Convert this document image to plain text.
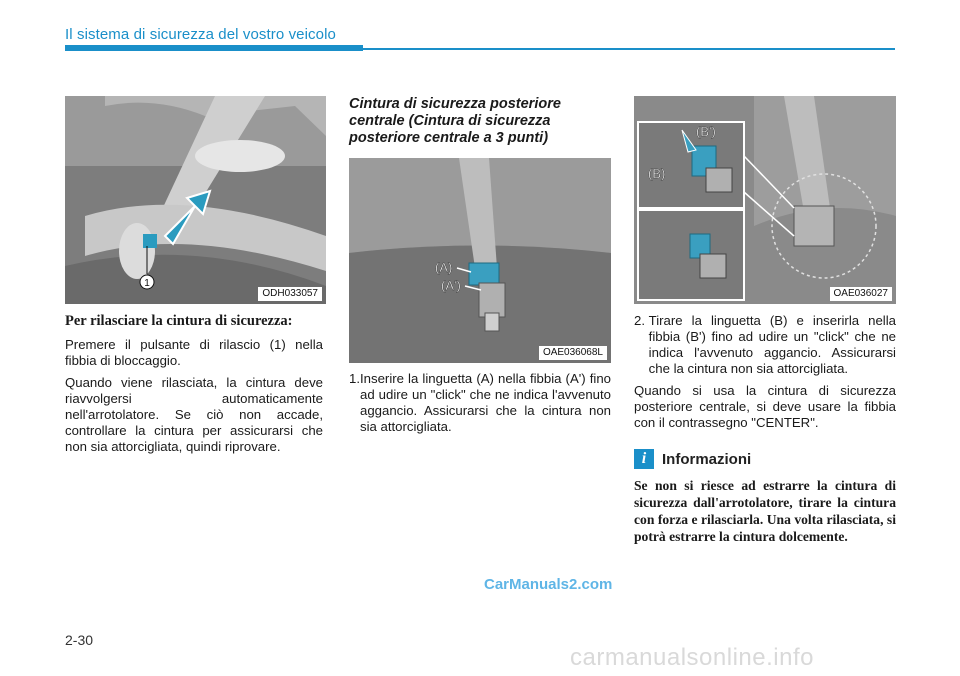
Il sistema di sicurezza del vostro veicolo
1
ODH033057
(A)
(A')
OAE036068L
(B')
(B)
OAE036027

Per rilasciare la cintura di sicurezza:

Premere il pulsante di rilascio (1) nella fibbia di bloccaggio.

Quando viene rilasciata, la cintura deve riavvolgersi automaticamente nell'arrotolatore. Se ciò non accade, controllare la cintura per assicurarsi che non sia attorcigliata, quindi riprovare.

Cintura di sicurezza posteriore centrale (Cintura di sicurezza posteriore centrale a 3 punti)

1. Inserire la linguetta (A) nella fibbia (A') fino ad udire un "click" che ne indica l'avvenuto aggancio. Assicurarsi che la cintura non sia attorcigliata.
2. Tirare la linguetta (B) e inserirla nella fibbia (B') fino ad udire un "click" che ne indica l'avvenuto aggancio. Assicurarsi che la cintura non sia attorcigliata.

Quando si usa la cintura di sicurezza posteriore centrale, si deve usare la fibbia con il contrassegno "CENTER".

i	Informazioni

Se non si riesce ad estrarre la cintura di sicurezza dall'arrotolatore, tirare la cintura con forza e rilasciarla. Una volta rilasciata, si potrà estrarre la cintura dolcemente.

CarManuals2.com
2-30
carmanualsonline.info
